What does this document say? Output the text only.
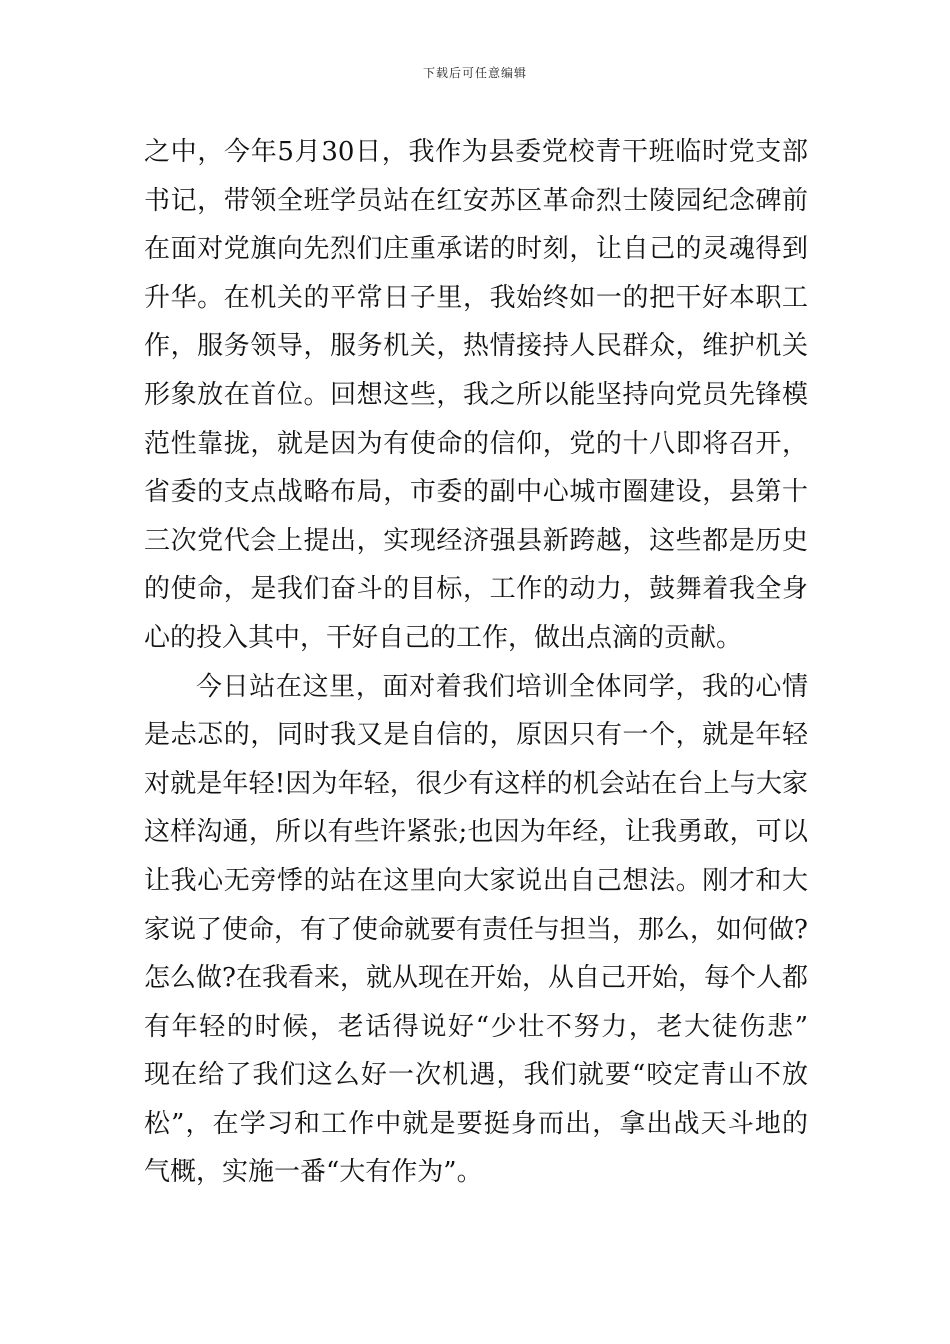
下载后可任意编辑
之中，今年5月30日，我作为县委党校青干班临时党支部
书记，带领全班学员站在红安苏区革命烈士陵园纪念碑前
在面对党旗向先烈们庄重承诺的时刻，让自己的灵魂得到
升华。在机关的平常日子里，我始终如一的把干好本职工
作，服务领导，服务机关，热情接持人民群众，维护机关
形象放在首位。回想这些，我之所以能坚持向党员先锋模
范性靠拢，就是因为有使命的信仰，党的十八即将召开，
省委的支点战略布局，市委的副中心城市圈建设，县第十
三次党代会上提出，实现经济强县新跨越，这些都是历史
的使命，是我们奋斗的目标，工作的动力，鼓舞着我全身
心的投入其中，干好自己的工作，做出点滴的贡献。
今日站在这里，面对着我们培训全体同学，我的心情
是忐忑的，同时我又是自信的，原因只有一个，就是年轻
对就是年轻!因为年轻，很少有这样的机会站在台上与大家
这样沟通，所以有些许紧张;也因为年经，让我勇敢，可以
让我心无旁悸的站在这里向大家说出自己想法。刚才和大
家说了使命，有了使命就要有责任与担当，那么，如何做?
怎么做?在我看来，就从现在开始，从自己开始，每个人都
有年轻的时候，老话得说好“少壮不努力，老大徒伤悲”
现在给了我们这么好一次机遇，我们就要“咬定青山不放
松”，在学习和工作中就是要挺身而出，拿出战天斗地的
气概，实施一番“大有作为”。
